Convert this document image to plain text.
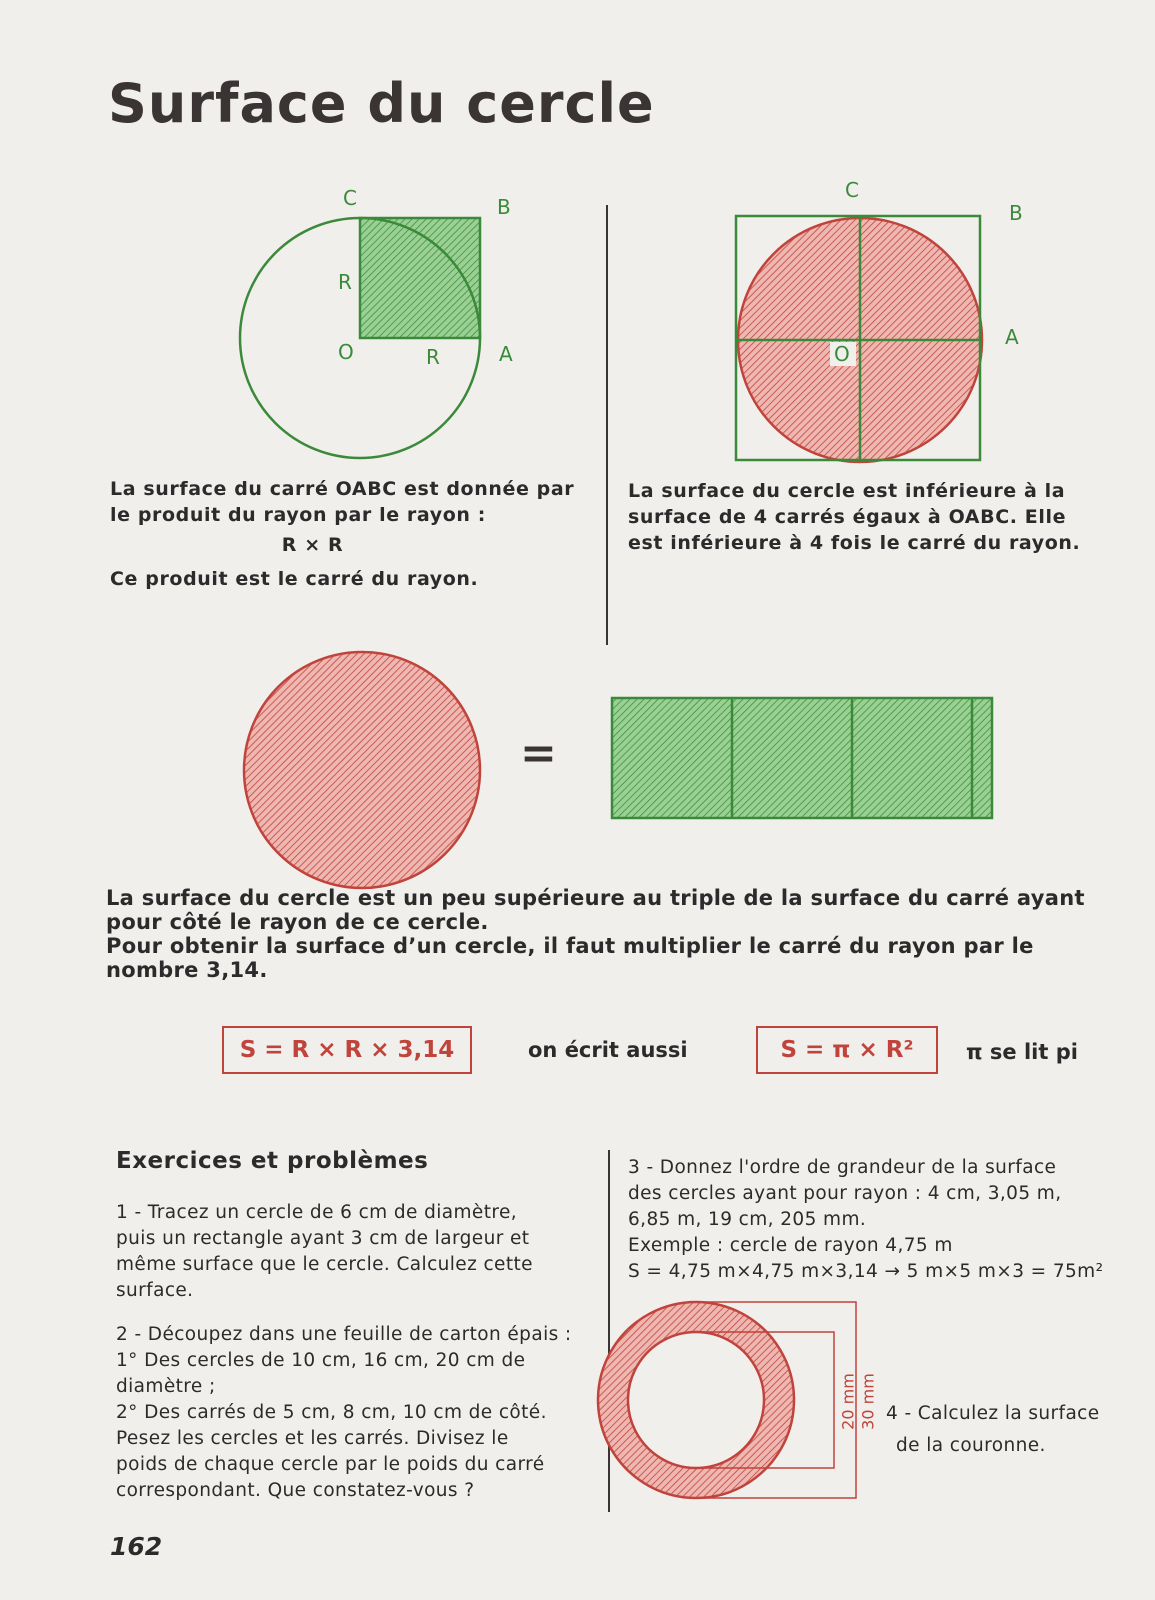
Surface du cercle
C	B
R
O	R	A
La surface du carré OABC est donnée par
le produit du rayon par le rayon :
R × R
Ce produit est le carré du rayon.
C
B
A
O
La surface du cercle est inférieure à la
surface de 4 carrés égaux à OABC. Elle
est inférieure à 4 fois le carré du rayon.
=
La surface du cercle est un peu supérieure au triple de la surface du carré ayant
pour côté le rayon de ce cercle.
Pour obtenir la surface d’un cercle, il faut multiplier le carré du rayon par le
nombre 3,14.
S = R × R × 3,14	on écrit aussi	S = π × R²	π se lit pi
Exercices et problèmes
1 - Tracez un cercle de 6 cm de diamètre,
puis un rectangle ayant 3 cm de largeur et
même surface que le cercle. Calculez cette
surface.
2 - Découpez dans une feuille de carton épais :
1° Des cercles de 10 cm, 16 cm, 20 cm de
diamètre ;
2° Des carrés de 5 cm, 8 cm, 10 cm de côté.
Pesez les cercles et les carrés. Divisez le
poids de chaque cercle par le poids du carré
correspondant. Que constatez-vous ?
3 - Donnez l'ordre de grandeur de la surface
des cercles ayant pour rayon : 4 cm, 3,05 m,
6,85 m, 19 cm, 205 mm.
Exemple : cercle de rayon 4,75 m
S = 4,75 m×4,75 m×3,14 → 5 m×5 m×3 = 75m²
20 mm 30 mm 4 - Calculez la surface
de la couronne.
162
